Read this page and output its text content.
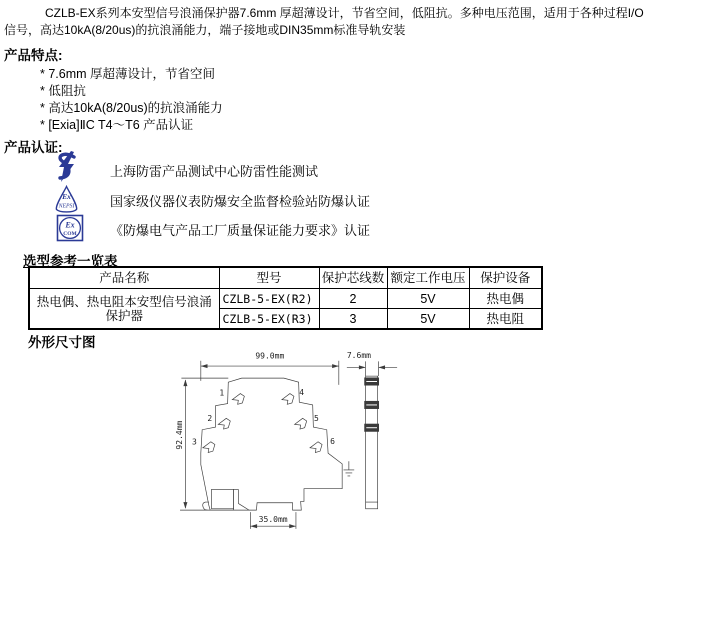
CZLB-EX系列本安型信号浪涌保护器7.6mm 厚超薄设计，节省空间，低阻抗。多种电压范围，适用于各种过程I/O
信号，高达10kA(8/20us)的抗浪涌能力，端子接地或DIN35mm标准导轨安装
产品特点:
* 7.6mm 厚超薄设计，节省空间
* 低阻抗
* 高达10kA(8/20us)的抗浪涌能力
* [Exia]ⅡC T4～T6 产品认证
产品认证:
上海防雷产品测试中心防雷性能测试
Ex
NEPSI	国家级仪器仪表防爆安全监督检验站防爆认证
Ex
COM	《防爆电气产品工厂质量保证能力要求》认证
选型参考一览表
产品名称	型号	保护芯线数	额定工作电压	保护设备
热电偶、热电阻本安型信号浪涌保护器	CZLB-5-EX(R2)	2	5V	热电偶
	CZLB-5-EX(R3)	3	5V	热电阻
外形尺寸图
99.0mm
92.4mm
7.6mm
35.0mm
1
2
3
4
5
6
